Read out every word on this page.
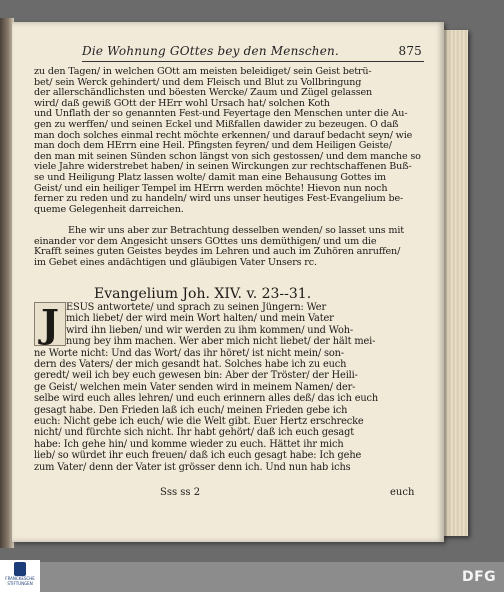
Die Wohnung GOttes bey den Menschen.	875
zu den Tagen/ in welchen GOtt am meisten beleidiget/ sein Geist betrü-
bet/ sein Werck gehindert/ und dem Fleisch und Blut zu Vollbringung
der allerschändlichsten und böesten Wercke/ Zaum und Zügel gelassen
wird/ daß gewiß GOtt der HErr wohl Ursach hat/ solchen Koth
und Unflath der so genannten Fest-und Feyertage den Menschen unter die Au-
gen zu werffen/ und seinen Eckel und Mißfallen dawider zu bezeugen. O daß
man doch solches einmal recht möchte erkennen/ und darauf bedacht seyn/ wie
man doch dem HErrn eine Heil. Pfingsten feyren/ und dem Heiligen Geiste/
den man mit seinen Sünden schon längst von sich gestossen/ und dem manche so
viele Jahre widerstrebet haben/ in seinen Wirckungen zur rechtschaffenen Buß-
se und Heiligung Platz lassen wolte/ damit man eine Behausung Gottes im
Geist/ und ein heiliger Tempel im HErrn werden möchte! Hievon nun noch
ferner zu reden und zu handeln/ wird uns unser heutiges Fest-Evangelium be-
queme Gelegenheit darreichen.
Ehe wir uns aber zur Betrachtung desselben wenden/ so lasset uns mit
einander vor dem Angesicht unsers GOttes uns demüthigen/ und um die
Krafft seines guten Geistes beydes im Lehren und auch im Zuhören anruffen/
im Gebet eines andächtigen und gläubigen Vater Unsers rc.
Evangelium Joh. XIV. v. 23--31.
ESUS antwortete/ und sprach zu seinen Jüngern: Wer
mich liebet/ der wird mein Wort halten/ und mein Vater
wird ihn lieben/ und wir werden zu ihm kommen/ und Woh-
nung bey ihm machen. Wer aber mich nicht liebet/ der hält mei-
ne Worte nicht: Und das Wort/ das ihr höret/ ist nicht mein/ son-
dern des Vaters/ der mich gesandt hat. Solches habe ich zu euch
geredt/ weil ich bey euch gewesen bin: Aber der Tröster/ der Heili-
ge Geist/ welchen mein Vater senden wird in meinem Namen/ der-
selbe wird euch alles lehren/ und euch erinnern alles deß/ das ich euch
gesagt habe. Den Frieden laß ich euch/ meinen Frieden gebe ich
euch: Nicht gebe ich euch/ wie die Welt gibt. Euer Hertz erschrecke
nicht/ und fürchte sich nicht. Ihr habt gehört/ daß ich euch gesagt
habe: Ich gehe hin/ und komme wieder zu euch. Hättet ihr mich
lieb/ so würdet ihr euch freuen/ daß ich euch gesagt habe: Ich gehe
zum Vater/ denn der Vater ist grösser denn ich. Und nun hab ichs
J
Sss ss 2	euch
FRANCKESCHE
STIFTUNGEN	DFG
